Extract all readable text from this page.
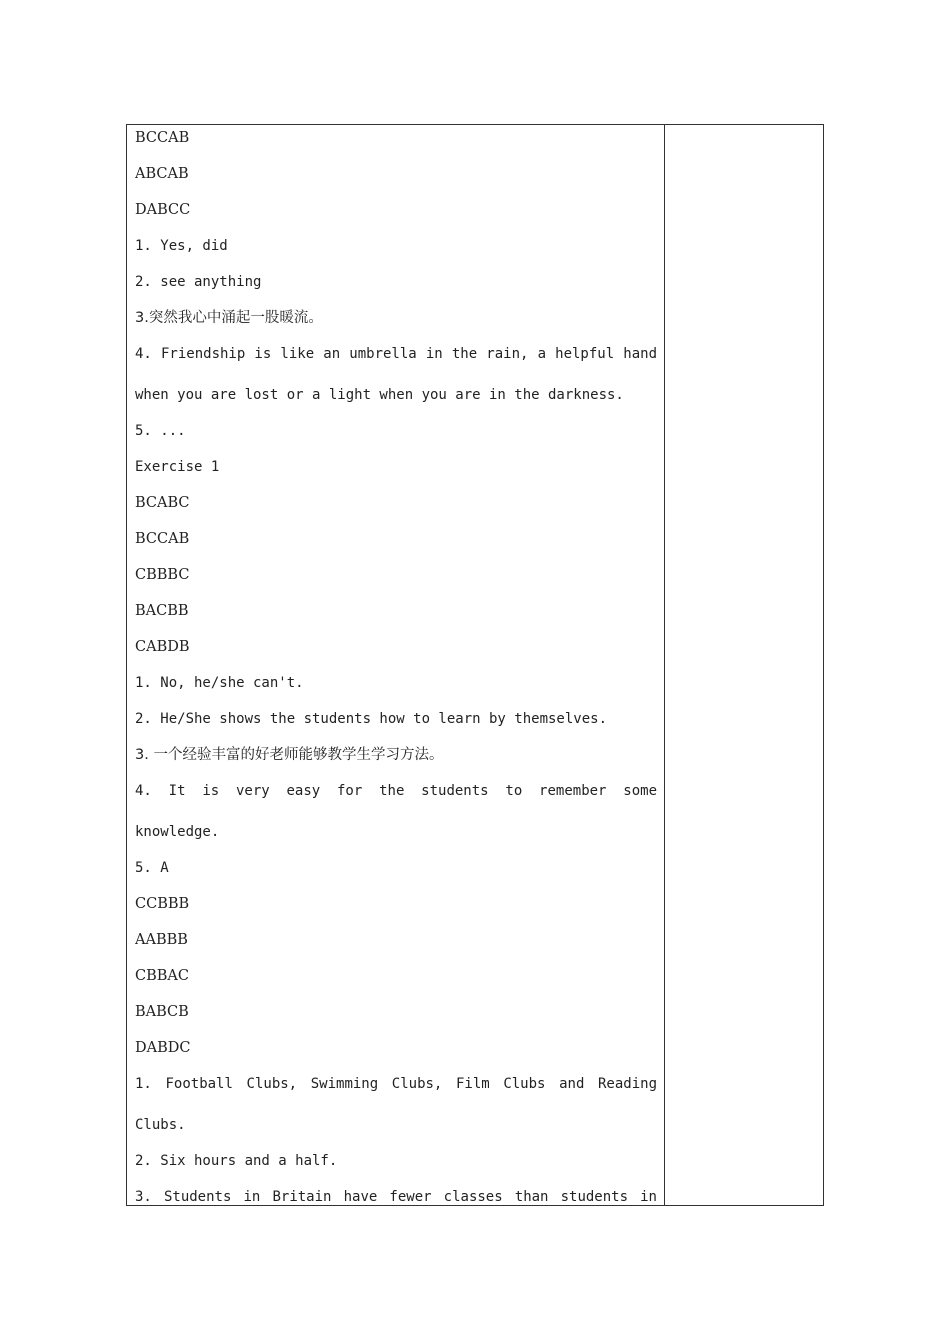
BCCAB
ABCAB
DABCC
1. Yes, did
2. see anything
3.突然我心中涌起一股暖流。
4. Friendship is like an umbrella in the rain, a helpful hand
when you are lost or a light when you are in the darkness.
5. ...
Exercise 1
BCABC
BCCAB
CBBBC
BACBB
CABDB
1. No, he/she can't.
2. He/She shows the students how to learn by themselves.
3. 一个经验丰富的好老师能够教学生学习方法。
4. It is very easy for the students to remember some
knowledge.
5. A
CCBBB
AABBB
CBBAC
BABCB
DABDC
1. Football Clubs, Swimming Clubs, Film Clubs and Reading
Clubs.
2. Six hours and a half.
3. Students in Britain have fewer classes than students in
